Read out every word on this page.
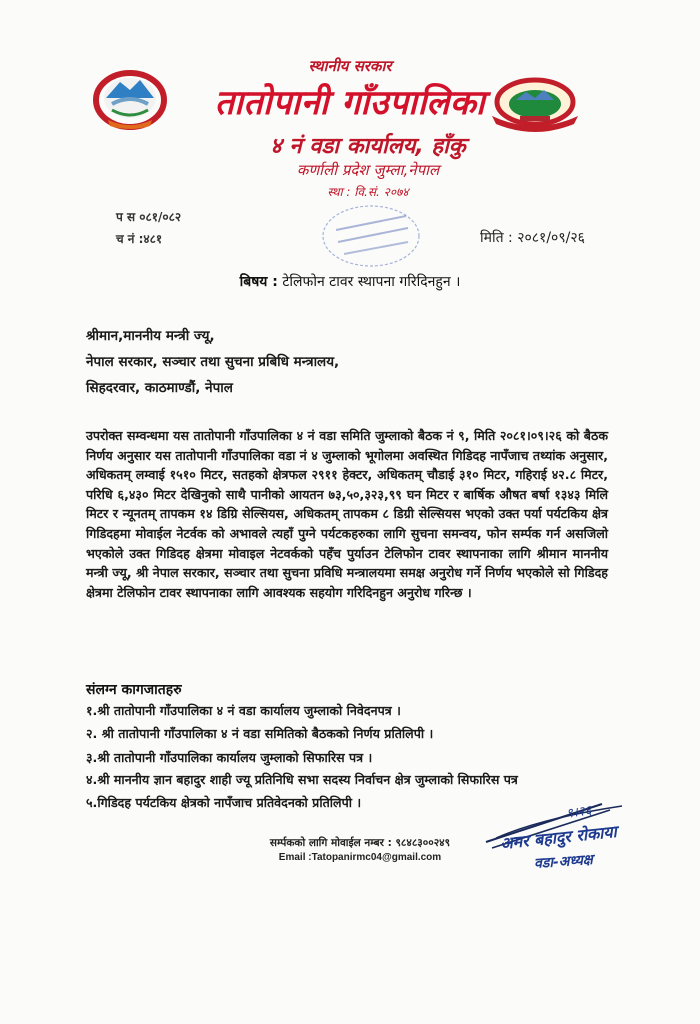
स्थानीय सरकार
तातोपानी गाँउपालिका
४ नं वडा कार्यालय, हाँकु
कर्णाली प्रदेश जुम्ला,नेपाल
स्था : वि.सं. २०७४
प स ०८१/०८२
च नं :४८१	मिति : २०८१/०९/२६
बिषय : टेलिफोन टावर स्थापना गरिदिनहुन ।
श्रीमान,माननीय मन्त्री ज्यू,
नेपाल सरकार, सञ्चार तथा सुचना प्रबिधि मन्त्रालय,
सिहदरवार, काठमाण्डौं, नेपाल
उपरोक्त सम्वन्धमा यस तातोपानी गाँउपालिका ४ नं वडा समिति जुम्लाको बैठक नं ९, मिति २०८१।०९।२६ को बैठक निर्णय अनुसार यस तातोपानी गाँउपालिका वडा नं ४ जुम्लाको भूगोलमा अवस्थित गिडिदह नापँजाच तथ्यांक अनुसार, अधिकतम् लम्वाई १५१० मिटर, सतहको क्षेत्रफल २९११ हेक्टर, अधिकतम् चौडाई ३१० मिटर, गहिराई ४२.८ मिटर, परिधि ६,४३० मिटर देखिनुको साथै पानीको आयतन ७३,५०,३२३,९९ घन मिटर र बार्षिक औषत बर्षा १३४३ मिलि मिटर र न्यूनतम् तापकम १४ डिग्रि सेल्सियस, अधिकतम् तापकम ८ डिग्री सेल्सियस भएको उक्त पर्या पर्यटकिय क्षेत्र गिडिदहमा मोवाईल नेटर्वक को अभावले त्यहाँ पुग्ने पर्यटकहरुका लागि सुचना समन्वय, फोन सर्म्पक गर्न असजिलो भएकोले उक्त गिडिदह क्षेत्रमा मोवाइल नेटवर्कको पहँच पुर्याउन टेलिफोन टावर स्थापनाका लागि श्रीमान माननीय मन्त्री ज्यू, श्री नेपाल सरकार, सञ्चार तथा सुचना प्रविधि मन्त्रालयमा समक्ष अनुरोध गर्ने निर्णय भएकोले सो गिडिदह क्षेत्रमा टेलिफोन टावर स्थापनाका लागि आवश्यक सहयोग गरिदिनहुन अनुरोध गरिन्छ ।
संलग्न कागजातहरु
१.श्री तातोपानी गाँउपालिका ४ नं वडा कार्यालय जुम्लाको निवेदनपत्र ।
२. श्री तातोपानी गाँउपालिका ४ नं वडा समितिको बैठकको निर्णय प्रतिलिपी ।
३.श्री तातोपानी गाँउपालिका कार्यालय जुम्लाको सिफारिस पत्र ।
४.श्री माननीय ज्ञान बहादुर शाही ज्यू प्रतिनिधि सभा सदस्य निर्वाचन क्षेत्र जुम्लाको सिफारिस पत्र
५.गिडिदह पर्यटकिय क्षेत्रको नापँजाच प्रतिवेदनको प्रतिलिपी ।
सर्म्पकको लागि मोवाईल नम्बर : ९८४८३००२४९
Email :Tatopanirmc04@gmail.com
९।२६
अमर बहादुर रोकाया
वडा-अध्यक्ष
